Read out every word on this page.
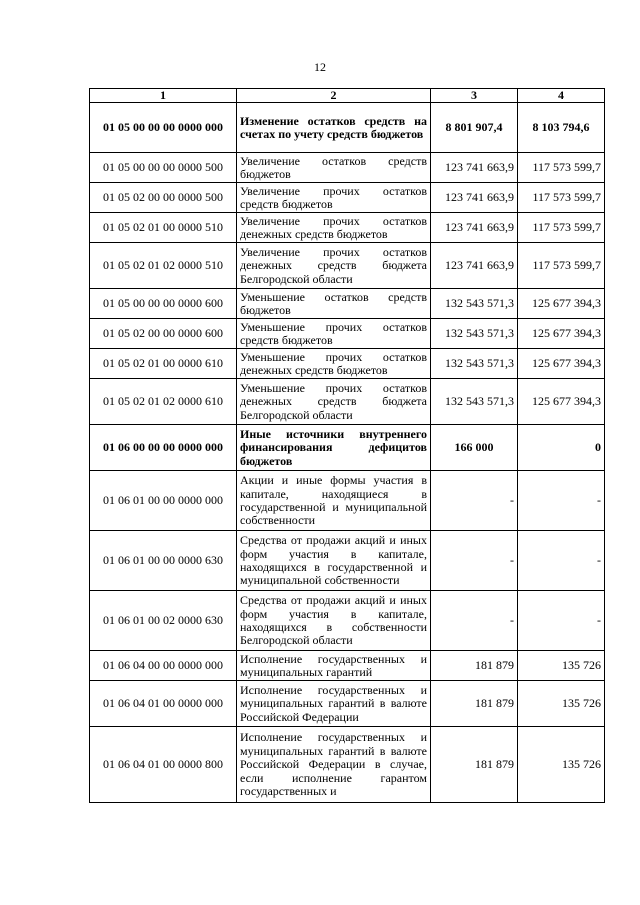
12
1	2	3	4
01 05 00 00 00 0000 000	Изменение остатков средств на счетах по учету средств бюджетов	8 801 907,4	8 103 794,6
01 05 00 00 00 0000 500	Увеличение остатков средств бюджетов	123 741 663,9	117 573 599,7
01 05 02 00 00 0000 500	Увеличение прочих остатков средств бюджетов	123 741 663,9	117 573 599,7
01 05 02 01 00 0000 510	Увеличение прочих остатков денежных средств бюджетов	123 741 663,9	117 573 599,7
01 05 02 01 02 0000 510	Увеличение прочих остатков денежных средств бюджета Белгородской области	123 741 663,9	117 573 599,7
01 05 00 00 00 0000 600	Уменьшение остатков средств бюджетов	132 543 571,3	125 677 394,3
01 05 02 00 00 0000 600	Уменьшение прочих остатков средств бюджетов	132 543 571,3	125 677 394,3
01 05 02 01 00 0000 610	Уменьшение прочих остатков денежных средств бюджетов	132 543 571,3	125 677 394,3
01 05 02 01 02 0000 610	Уменьшение прочих остатков денежных средств бюджета Белгородской области	132 543 571,3	125 677 394,3
01 06 00 00 00 0000 000	Иные источники внутреннего финансирования дефицитов бюджетов	166 000	0
01 06 01 00 00 0000 000	Акции и иные формы участия в капитале, находящиеся в государственной и муниципальной собственности	-	-
01 06 01 00 00 0000 630	Средства от продажи акций и иных форм участия в капитале, находящихся в государственной и муниципальной собственности	-	-
01 06 01 00 02 0000 630	Средства от продажи акций и иных форм участия в капитале, находящихся в собственности Белгородской области	-	-
01 06 04 00 00 0000 000	Исполнение государственных и муниципальных гарантий	181 879	135 726
01 06 04 01 00 0000 000	Исполнение государственных и муниципальных гарантий в валюте Российской Федерации	181 879	135 726
01 06 04 01 00 0000 800	Исполнение государственных и муниципальных гарантий в валюте Российской Федерации в случае, если исполнение гарантом государственных и	181 879	135 726
